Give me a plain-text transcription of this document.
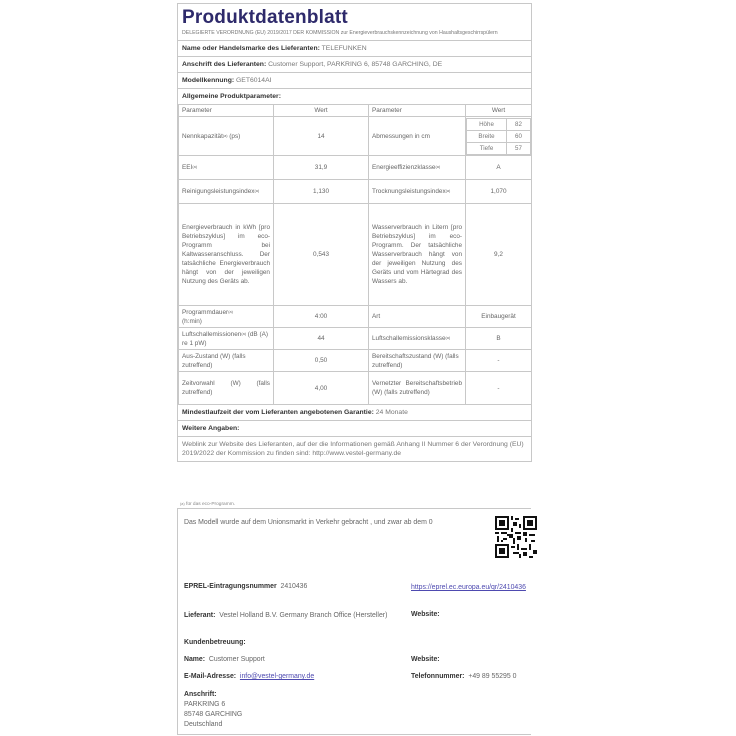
Produktdatenblatt
DELEGIERTE VERORDNUNG (EU) 2019/2017 DER KOMMISSION zur Energieverbrauchskennzeichnung von Haushaltsgeschirrspülern
Name oder Handelsmarke des Lieferanten: TELEFUNKEN
Anschrift des Lieferanten: Customer Support, PARKRING 6, 85748 GARCHING, DE
Modellkennung: GET6014AI
Allgemeine Produktparameter:
Parameter	Wert	Parameter	Wert
Nennkapazität$^{(a)}$ (ps)	14	Abmessungen in cm	
Höhe	82
Breite	60
Tiefe	57

EEI$^{(a)}$	31,9	Energieeffizienzklasse$^{(a)}$	A
Reinigungsleistungsindex$^{(a)}$	1,130	Trocknungsleistungsindex$^{(a)}$	1,070
Energieverbrauch in kWh [pro Betriebszyklus] im eco-Programm bei Kaltwasseranschluss. Der tatsächliche Energieverbrauch hängt von der jeweiligen Nutzung des Geräts ab.	0,543	Wasserverbrauch in Litern [pro Betriebszyklus] im eco-Programm. Der tatsächliche Wasserverbrauch hängt von der jeweiligen Nutzung des Geräts und vom Härtegrad des Wassers ab.	9,2
Programmdauer$^{(a)}$
(h:min)	4:00	Art	Einbaugerät
Luftschallemissionen$^{(a)}$ (dB (A) re 1 pW)	44	Luftschallemissionsklasse$^{(a)}$	B
Aus-Zustand (W) (falls zutreffend)	0,50	Bereitschaftszustand (W) (falls zutreffend)	-
Zeitvorwahl (W) (falls zutreffend)	4,00	Vernetzter Bereitschaftsbetrieb (W) (falls zutreffend)	-
Mindestlaufzeit der vom Lieferanten angebotenen Garantie: 24 Monate
Weitere Angaben:
Weblink zur Website des Lieferanten, auf der die Informationen gemäß Anhang II Nummer 6 der Verordnung (EU) 2019/2022 der Kommission zu finden sind: http://www.vestel-germany.de
$^{(a)}$ für das eco-Programm.
Das Modell wurde auf dem Unionsmarkt in Verkehr gebracht , und zwar ab dem 0
EPREL-Eintragungsnummer 2410436	https://eprel.ec.europa.eu/qr/2410436
Lieferant: Vestel Holland B.V. Germany Branch Office (Hersteller)	Website:
Kundenbetreuung:
Name: Customer Support	Website:
E-Mail-Adresse: info@vestel-germany.de	Telefonnummer: +49 89 55295 0
Anschrift:
PARKRING 6
85748 GARCHING
Deutschland
